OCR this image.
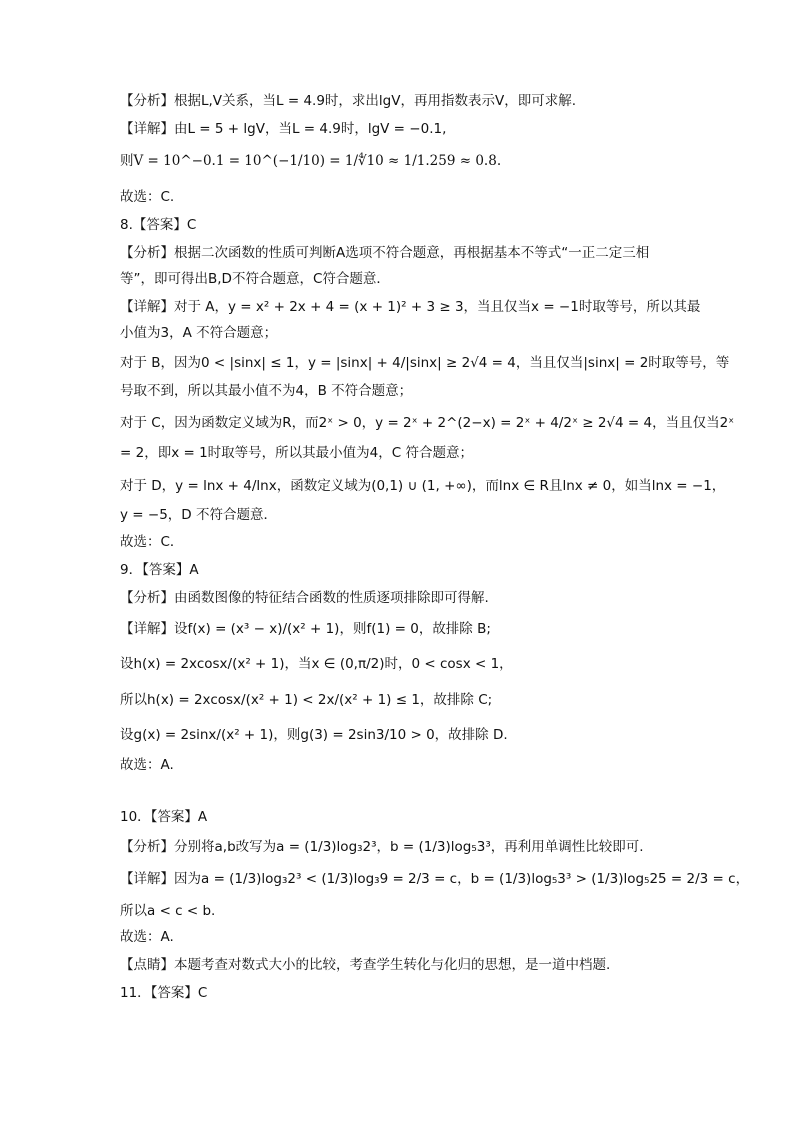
【分析】根据L,V关系，当L = 4.9时，求出lgV，再用指数表示V，即可求解.

【详解】由L = 5 + lgV，当L = 4.9时，lgV = −0.1,

则V = 10^−0.1 = 10^(−1/10) = 1/∜10 ≈ 1/1.259 ≈ 0.8.

故选：C.

8.【答案】C

【分析】根据二次函数的性质可判断A选项不符合题意，再根据基本不等式“一正二定三相

等”，即可得出B,D不符合题意，C符合题意．

【详解】对于 A，y = x² + 2x + 4 = (x + 1)² + 3 ≥ 3，当且仅当x = −1时取等号，所以其最

小值为3，A 不符合题意；

对于 B，因为0 < |sinx| ≤ 1，y = |sinx| + 4/|sinx| ≥ 2√4 = 4，当且仅当|sinx| = 2时取等号，等

号取不到，所以其最小值不为4，B 不符合题意；

对于 C，因为函数定义域为R，而2ˣ > 0，y = 2ˣ + 2^(2−x) = 2ˣ + 4/2ˣ ≥ 2√4 = 4，当且仅当2ˣ

= 2，即x = 1时取等号，所以其最小值为4，C 符合题意；

对于 D，y = lnx + 4/lnx，函数定义域为(0,1) ∪ (1, +∞)，而lnx ∈ R且lnx ≠ 0，如当lnx = −1，

y = −5，D 不符合题意．

故选：C．

9．【答案】A

【分析】由函数图像的特征结合函数的性质逐项排除即可得解.

【详解】设f(x) = (x³ − x)/(x² + 1)，则f(1) = 0，故排除 B;

设h(x) = 2xcosx/(x² + 1)，当x ∈ (0,π/2)时，0 < cosx < 1，

所以h(x) = 2xcosx/(x² + 1) < 2x/(x² + 1) ≤ 1，故排除 C;

设g(x) = 2sinx/(x² + 1)，则g(3) = 2sin3/10 > 0，故排除 D.

故选：A.

10．【答案】A

【分析】分别将a,b改写为a = (1/3)log₃2³，b = (1/3)log₅3³，再利用单调性比较即可.

【详解】因为a = (1/3)log₃2³ < (1/3)log₃9 = 2/3 = c，b = (1/3)log₅3³ > (1/3)log₅25 = 2/3 = c，

所以a < c < b.

故选：A.

【点睛】本题考查对数式大小的比较，考查学生转化与化归的思想，是一道中档题.

11．【答案】C
